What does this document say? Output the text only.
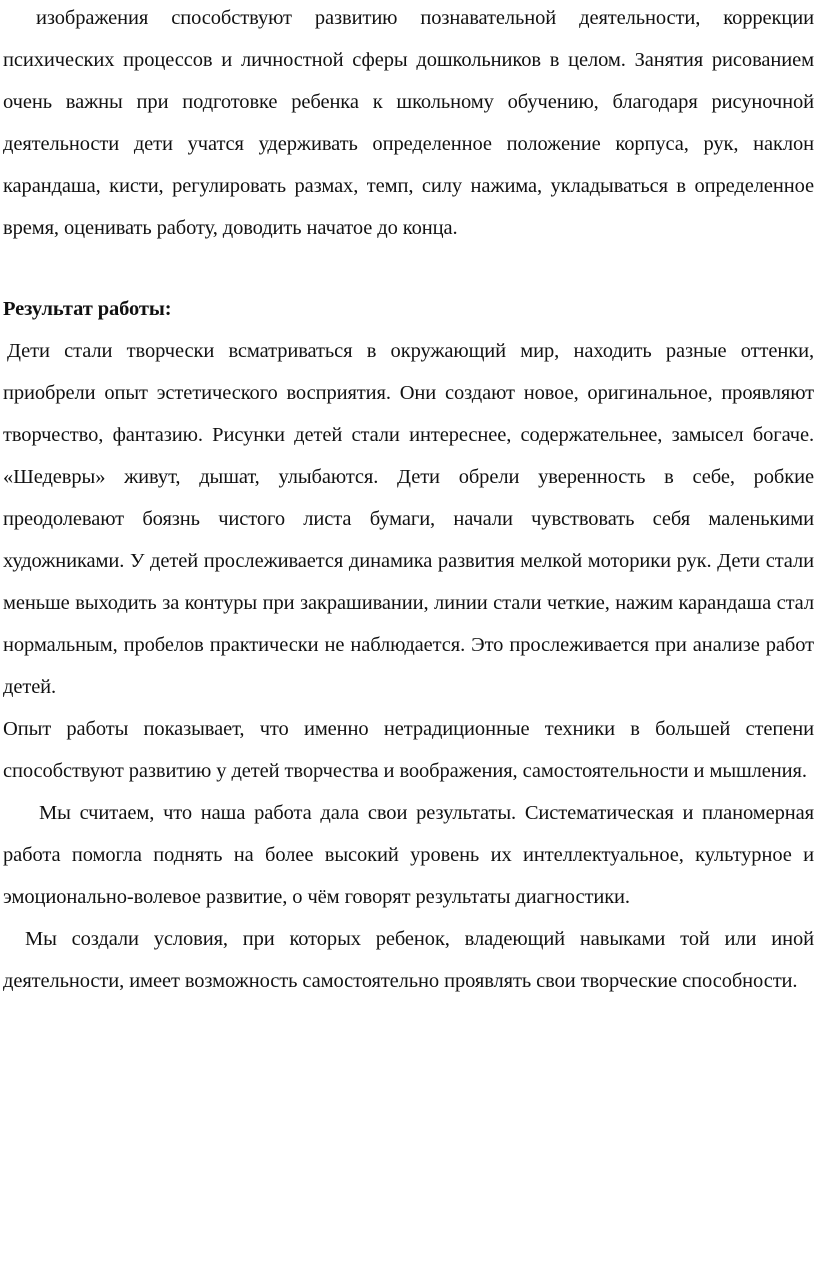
изображения способствуют развитию познавательной деятельности, коррекции психических процессов и личностной сферы дошкольников в целом. Занятия рисованием очень важны при подготовке ребенка к школьному обучению, благодаря рисуночной деятельности дети учатся удерживать определенное положение корпуса, рук, наклон карандаша, кисти, регулировать размах, темп, силу нажима, укладываться в определенное время, оценивать работу, доводить начатое до конца.

Результат работы:

Дети стали творчески всматриваться в окружающий мир, находить разные оттенки, приобрели опыт эстетического восприятия. Они создают новое, оригинальное, проявляют творчество, фантазию. Рисунки детей стали интереснее, содержательнее, замысел богаче. «Шедевры» живут, дышат, улыбаются. Дети обрели уверенность в себе, робкие преодолевают боязнь чистого листа бумаги, начали чувствовать себя маленькими художниками. У детей прослеживается динамика развития мелкой моторики рук. Дети стали меньше выходить за контуры при закрашивании, линии стали четкие, нажим карандаша стал нормальным, пробелов практически не наблюдается. Это прослеживается при анализе работ детей.

Опыт работы показывает, что именно нетрадиционные техники в большей степени способствуют развитию у детей творчества и воображения, самостоятельности и мышления.

Мы считаем, что наша работа дала свои результаты. Систематическая и планомерная работа помогла поднять на более высокий уровень их интеллектуальное, культурное и эмоционально-волевое развитие, о чём говорят результаты диагностики.

Мы создали условия, при которых ребенок, владеющий навыками той или иной деятельности, имеет возможность самостоятельно проявлять свои творческие способности.
